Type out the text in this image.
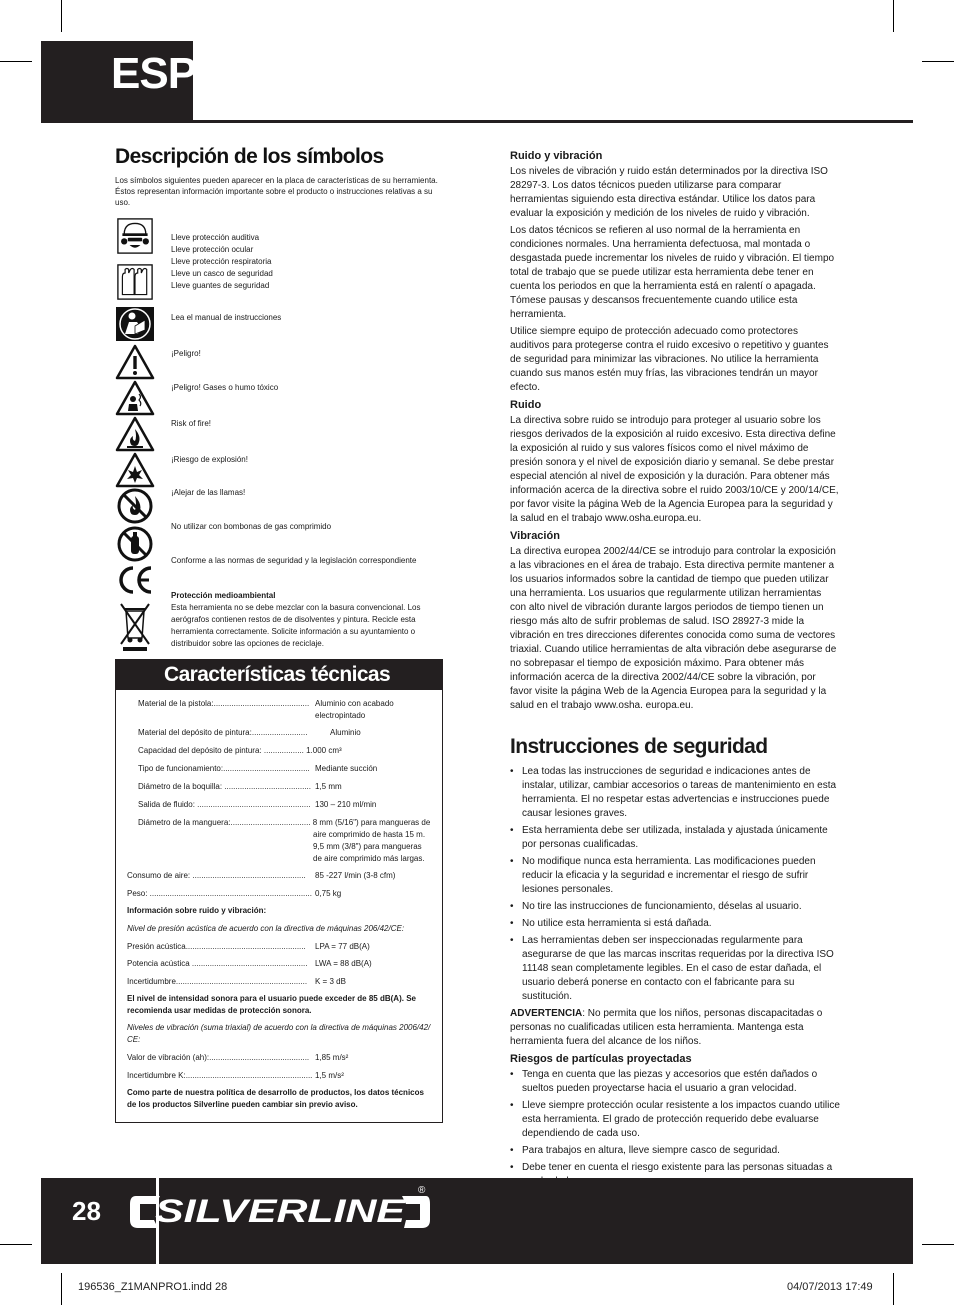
ESP
Descripción de los símbolos
Los símbolos siguientes pueden aparecer en la placa de características de su herramienta. Éstos representan información importante sobre el producto o instrucciones relativas a su uso.
Lleve protección auditiva
Lleve protección ocular
Lleve protección respiratoria
Lleve un casco de seguridad
Lleve guantes de seguridad
Lea el manual de instrucciones
¡Peligro!
¡Peligro! Gases o humo tóxico
Risk of fire!
¡Riesgo de explosión!
¡Alejar de las llamas!
No utilizar con bombonas de gas comprimido
Conforme a las normas de seguridad y la legislación correspondiente
Protección medioambiental
Esta herramienta no se debe mezclar con la basura convencional. Los aerógrafos contienen restos de de disolventes y pintura. Recicle esta herramienta correctamente. Solicite información a su ayuntamiento o distribuidor sobre las opciones de reciclaje.
Características técnicas
Material de la pistola:........................................... Aluminio con acabado electropintado
Material del depósito de pintura:.........................	Aluminio
Capacidad del depósito de pintura: .................. 1.000 cm³
Tipo de funcionamiento:....................................... Mediante succión
Diámetro de la boquilla: ....................................... 1,5 mm
Salida de fluido: ................................................... 130 – 210 ml/min
Diámetro de la manguera:.................................... 8 mm (5/16") para mangueras de
aire comprimido de hasta 15 m. 9,5 mm (3/8") para mangueras de aire comprimido más largas.
Consumo de aire: ................................................... 85 -227 l/min (3-8 cfm)
Peso: ......................................................................... 0,75 kg
Información sobre ruido y vibración:
Nivel de presión acústica de acuerdo con la directiva de máquinas 206/42/CE:
Presión acústica...................................................... LPA = 77 dB(A)
Potencia acústica .................................................... LWA = 88 dB(A)
Incertidumbre........................................................... K = 3 dB
El nivel de intensidad sonora para el usuario puede exceder de 85 dB(A). Se recomienda usar medidas de protección sonora.
Niveles de vibración (suma triaxial) de acuerdo con la directiva de máquinas 2006/42/ CE:
Valor de vibración (ah):............................................. 1,85 m/s²
Incertidumbre K:......................................................... 1,5 m/s²
Como parte de nuestra política de desarrollo de productos, los datos técnicos de los productos Silverline pueden cambiar sin previo aviso.
Ruido y vibración
Los niveles de vibración y ruido están determinados por la directiva ISO 28297-3. Los datos técnicos pueden utilizarse para comparar herramientas siguiendo esta directiva estándar. Utilice los datos para evaluar la exposición y medición de los niveles de ruido y vibración.
Los datos técnicos se refieren al uso normal de la herramienta en condiciones normales. Una herramienta defectuosa, mal montada o desgastada puede incrementar los niveles de ruido y vibración. El tiempo total de trabajo que se puede utilizar esta herramienta debe tener en cuenta los periodos en que la herramienta está en ralentí o apagada. Tómese pausas y descansos frecuentemente cuando utilice esta herramienta.
Utilice siempre equipo de protección adecuado como protectores auditivos para protegerse contra el ruido excesivo o repetitivo y guantes de seguridad para minimizar las vibraciones. No utilice la herramienta cuando sus manos estén muy frías, las vibraciones tendrán un mayor efecto.
Ruido
La directiva sobre ruido se introdujo para proteger al usuario sobre los riesgos derivados de la exposición al ruido excesivo. Esta directiva define la exposición al ruido y sus valores físicos como el nivel máximo de presión sonora y el nivel de exposición diario y semanal. Se debe prestar especial atención al nivel de exposición y la duración. Para obtener más información acerca de la directiva sobre el ruido 2003/10/CE y 200/14/CE, por favor visite la página Web de la Agencia Europea para la seguridad y la salud en el trabajo www.osha.europa.eu.
Vibración
La directiva europea 2002/44/CE se introdujo para controlar la exposición a las vibraciones en el área de trabajo. Esta directiva permite mantener a los usuarios informados sobre la cantidad de tiempo que pueden utilizar una herramienta. Los usuarios que regularmente utilizan herramientas con alto nivel de vibración durante largos periodos de tiempo tienen un riesgo más alto de sufrir problemas de salud. ISO 28927-3 mide la vibración en tres direcciones diferentes conocida como suma de vectores triaxial. Cuando utilice herramientas de alta vibración debe asegurarse de no sobrepasar el tiempo de exposición máximo. Para obtener más información acerca de la directiva 2002/44/CE sobre la vibración, por favor visite la página Web de la Agencia Europea para la seguridad y la salud en el trabajo www.osha. europa.eu.
Instrucciones de seguridad
• Lea todas las instrucciones de seguridad e indicaciones antes de instalar, utilizar, cambiar accesorios o tareas de mantenimiento en esta herramienta. El no respetar estas advertencias e instrucciones puede causar lesiones graves.
• Esta herramienta debe ser utilizada, instalada y ajustada únicamente por personas cualificadas.
• No modifique nunca esta herramienta. Las modificaciones pueden reducir la eficacia y la seguridad e incrementar el riesgo de sufrir lesiones personales.
• No tire las instrucciones de funcionamiento, déselas al usuario.
• No utilice esta herramienta si está dañada.
• Las herramientas deben ser inspeccionadas regularmente para asegurarse de que las marcas inscritas requeridas por la directiva ISO 11148 sean completamente legibles. En el caso de estar dañada, el usuario deberá ponerse en contacto con el fabricante para su sustitución.
ADVERTENCIA: No permita que los niños, personas discapacitadas o personas no cualificadas utilicen esta herramienta. Mantenga esta herramienta fuera del alcance de los niños.
Riesgos de partículas proyectadas
• Tenga en cuenta que las piezas y accesorios que estén dañados o sueltos pueden proyectarse hacia el usuario a gran velocidad.
• Lleve siempre protección ocular resistente a los impactos cuando utilice esta herramienta. El grado de protección requerido debe evaluarse dependiendo de cada uso.
• Para trabajos en altura, lleve siempre casco de seguridad.
• Debe tener en cuenta el riesgo existente para las personas situadas a
28 SILVERLINE
®
196536_Z1MANPRO1.indd 28	04/07/2013 17:49
